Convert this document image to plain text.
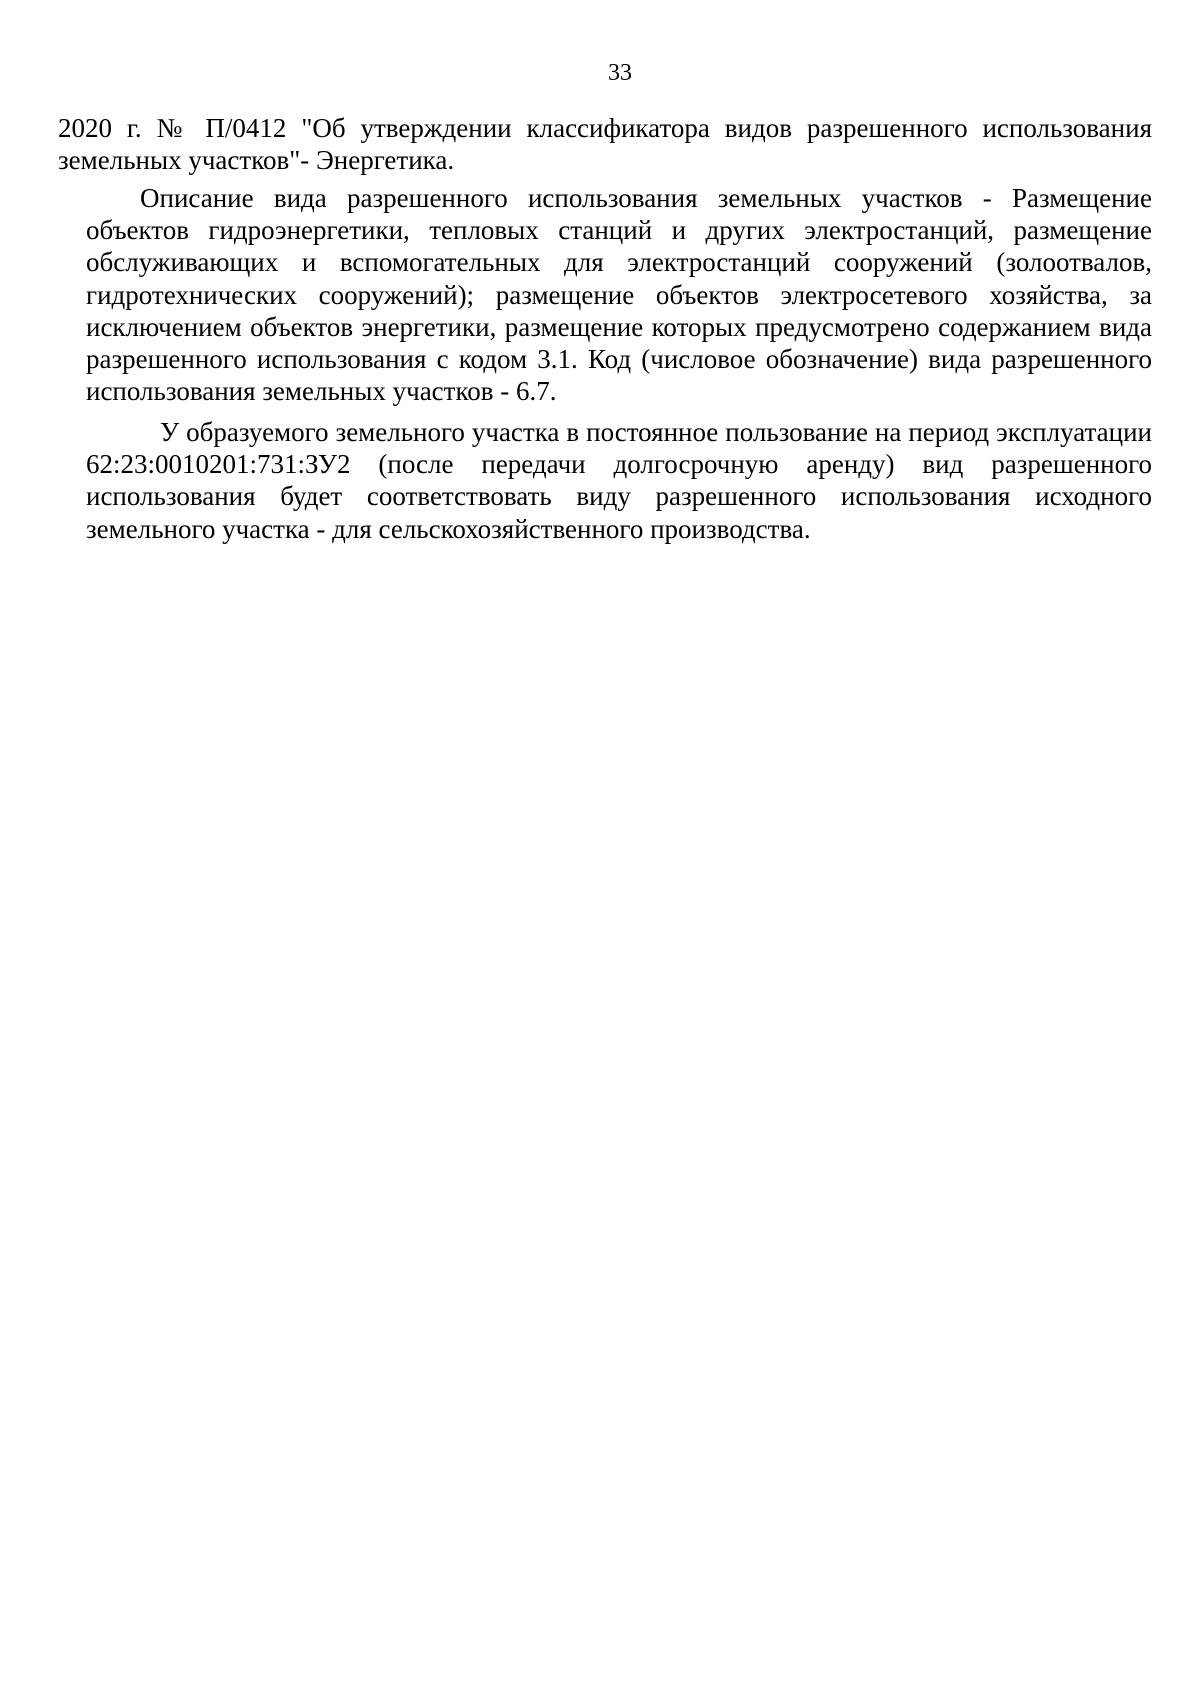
33

2020 г. № П/0412 "Об утверждении классификатора видов разрешенного использования земельных участков"- Энергетика.

Описание вида разрешенного использования земельных участков - Размещение объектов гидроэнергетики, тепловых станций и других электростанций, размещение обслуживающих и вспомогательных для электростанций сооружений (золоотвалов, гидротехнических сооружений); размещение объектов электросетевого хозяйства, за исключением объектов энергетики, размещение которых предусмотрено содержанием вида разрешенного использования с кодом 3.1. Код (числовое обозначение) вида разрешенного использования земельных участков - 6.7.

У образуемого земельного участка в постоянное пользование на период эксплуатации 62:23:0010201:731:ЗУ2 (после передачи долгосрочную аренду) вид разрешенного использования будет соответствовать виду разрешенного использования исходного земельного участка - для сельскохозяйственного производства.
